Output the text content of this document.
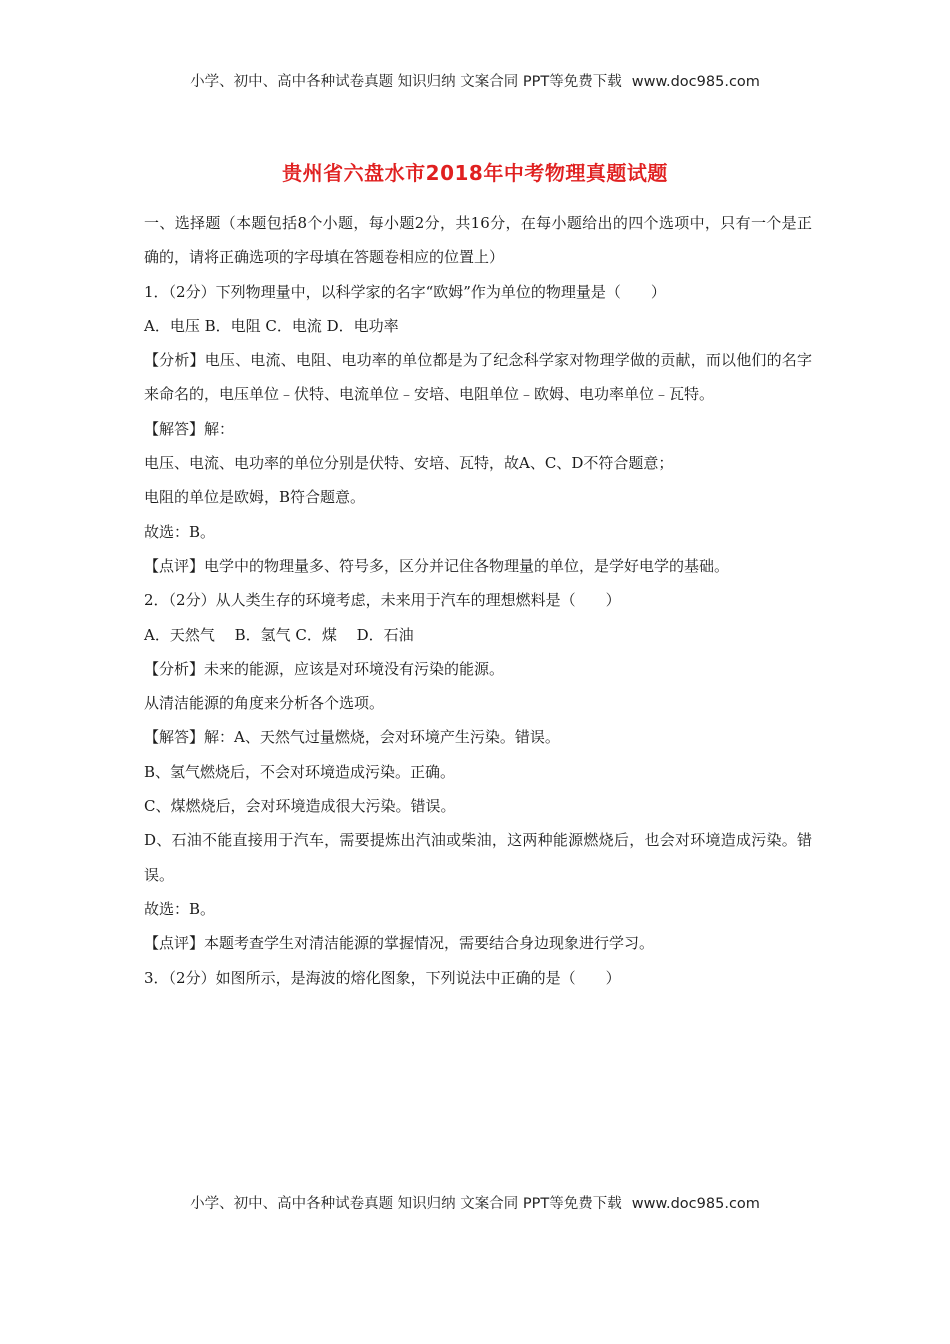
小学、初中、高中各种试卷真题 知识归纳 文案合同 PPT等免费下载 www.doc985.com
贵州省六盘水市2018年中考物理真题试题

一、选择题（本题包括8个小题，每小题2分，共16分，在每小题给出的四个选项中，只有一个是正确的，请将正确选项的字母填在答题卷相应的位置上）

1．（2分）下列物理量中，以科学家的名字“欧姆”作为单位的物理量是（　　）

A．电压 B．电阻 C．电流 D．电功率

【分析】电压、电流、电阻、电功率的单位都是为了纪念科学家对物理学做的贡献，而以他们的名字来命名的，电压单位﹣伏特、电流单位﹣安培、电阻单位﹣欧姆、电功率单位﹣瓦特。

【解答】解：

电压、电流、电功率的单位分别是伏特、安培、瓦特，故A、C、D不符合题意；

电阻的单位是欧姆，B符合题意。

故选：B。

【点评】电学中的物理量多、符号多，区分并记住各物理量的单位，是学好电学的基础。

2．（2分）从人类生存的环境考虑，未来用于汽车的理想燃料是（　　）

A．天然气　 B．氢气 C．煤　 D．石油

【分析】未来的能源，应该是对环境没有污染的能源。

从清洁能源的角度来分析各个选项。

【解答】解：A、天然气过量燃烧，会对环境产生污染。错误。

B、氢气燃烧后，不会对环境造成污染。正确。

C、煤燃烧后，会对环境造成很大污染。错误。

D、石油不能直接用于汽车，需要提炼出汽油或柴油，这两种能源燃烧后，也会对环境造成污染。错误。

故选：B。

【点评】本题考查学生对清洁能源的掌握情况，需要结合身边现象进行学习。

3．（2分）如图所示，是海波的熔化图象，下列说法中正确的是（　　）

小学、初中、高中各种试卷真题 知识归纳 文案合同 PPT等免费下载 www.doc985.com
